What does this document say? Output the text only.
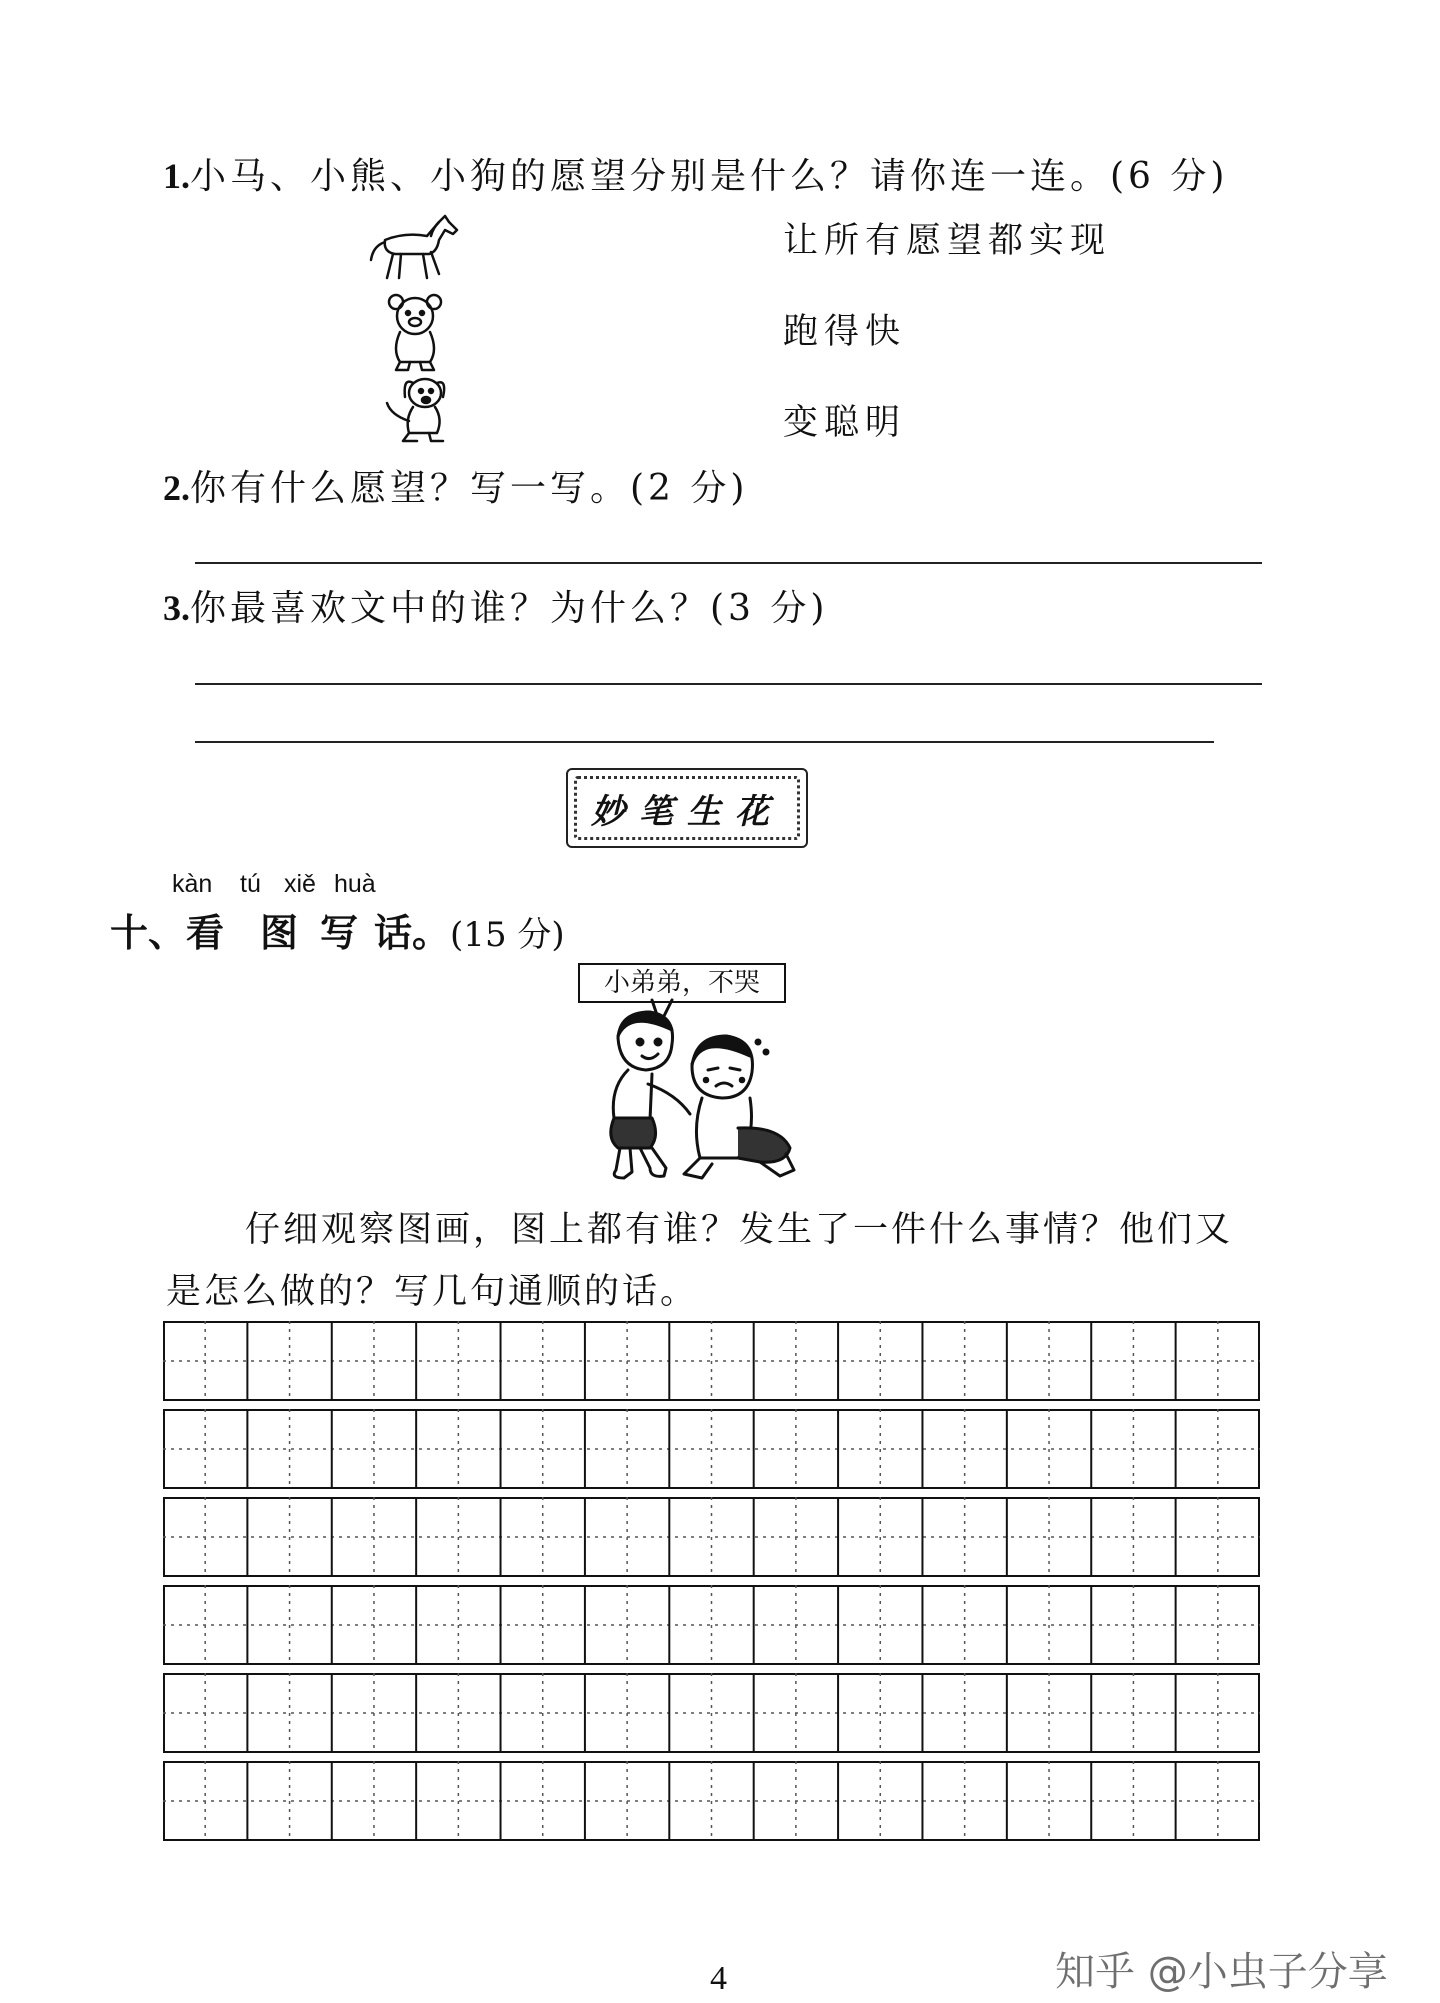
1.小马、小熊、小狗的愿望分别是什么？请你连一连。(6 分)
让所有愿望都实现
跑得快
变聪明
2.你有什么愿望？写一写。(2 分)
3.你最喜欢文中的谁？为什么？(3 分)
妙笔生花
kàn tú xiě huà
十、看 图 写 话。(15 分)
小弟弟，不哭
仔细观察图画，图上都有谁？发生了一件什么事情？他们又
是怎么做的？写几句通顺的话。
4	知乎 @小虫子分享
